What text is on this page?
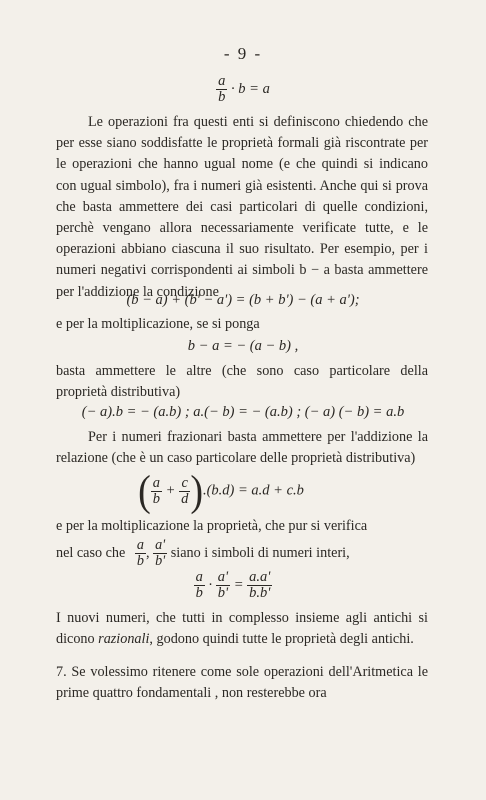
- 9 -
$\frac{a}{b} \cdot b = a$

Le operazioni fra questi enti si definiscono chiedendo che per esse siano soddisfatte le proprietà formali già riscontrate per le operazioni che hanno ugual nome (e che quindi si indicano con ugual simbolo), fra i numeri già esistenti. Anche qui si prova che basta ammettere dei casi particolari di quelle condizioni, perchè vengano allora necessariamente verificate tutte, e le operazioni abbiano ciascuna il suo risultato. Per esempio, per i numeri negativi corrispondenti ai simboli b − a basta ammettere per l'addizione la condizione

(b − a) + (b' − a') = (b + b') − (a + a');

e per la moltiplicazione, se si ponga

b − a = − (a − b) ,

basta ammettere le altre (che sono caso particolare della proprietà distributiva)

(− a).b = − (a.b) ; a.(− b) = − (a.b) ; (− a) (− b) = a.b

Per i numeri frazionari basta ammettere per l'addizione la relazione (che è un caso particolare delle proprietà distributiva)

( $\frac{a}{b} + \frac{c}{d} ).(b.d) = a.d + c.b$

e per la moltiplicazione la proprietà, che pur si verifica

nel caso che $\frac{a}{b}$ , $\frac{a'}{b'}$ siano i simboli di numeri interi,
$\frac{a}{b} \cdot \frac{a'}{b'} = \frac{a.a'}{b.b'}$

I nuovi numeri, che tutti in complesso insieme agli antichi si dicono razionali, godono quindi tutte le proprietà degli antichi.

7. Se volessimo ritenere come sole operazioni dell'Aritmetica le prime quattro fondamentali , non resterebbe ora
